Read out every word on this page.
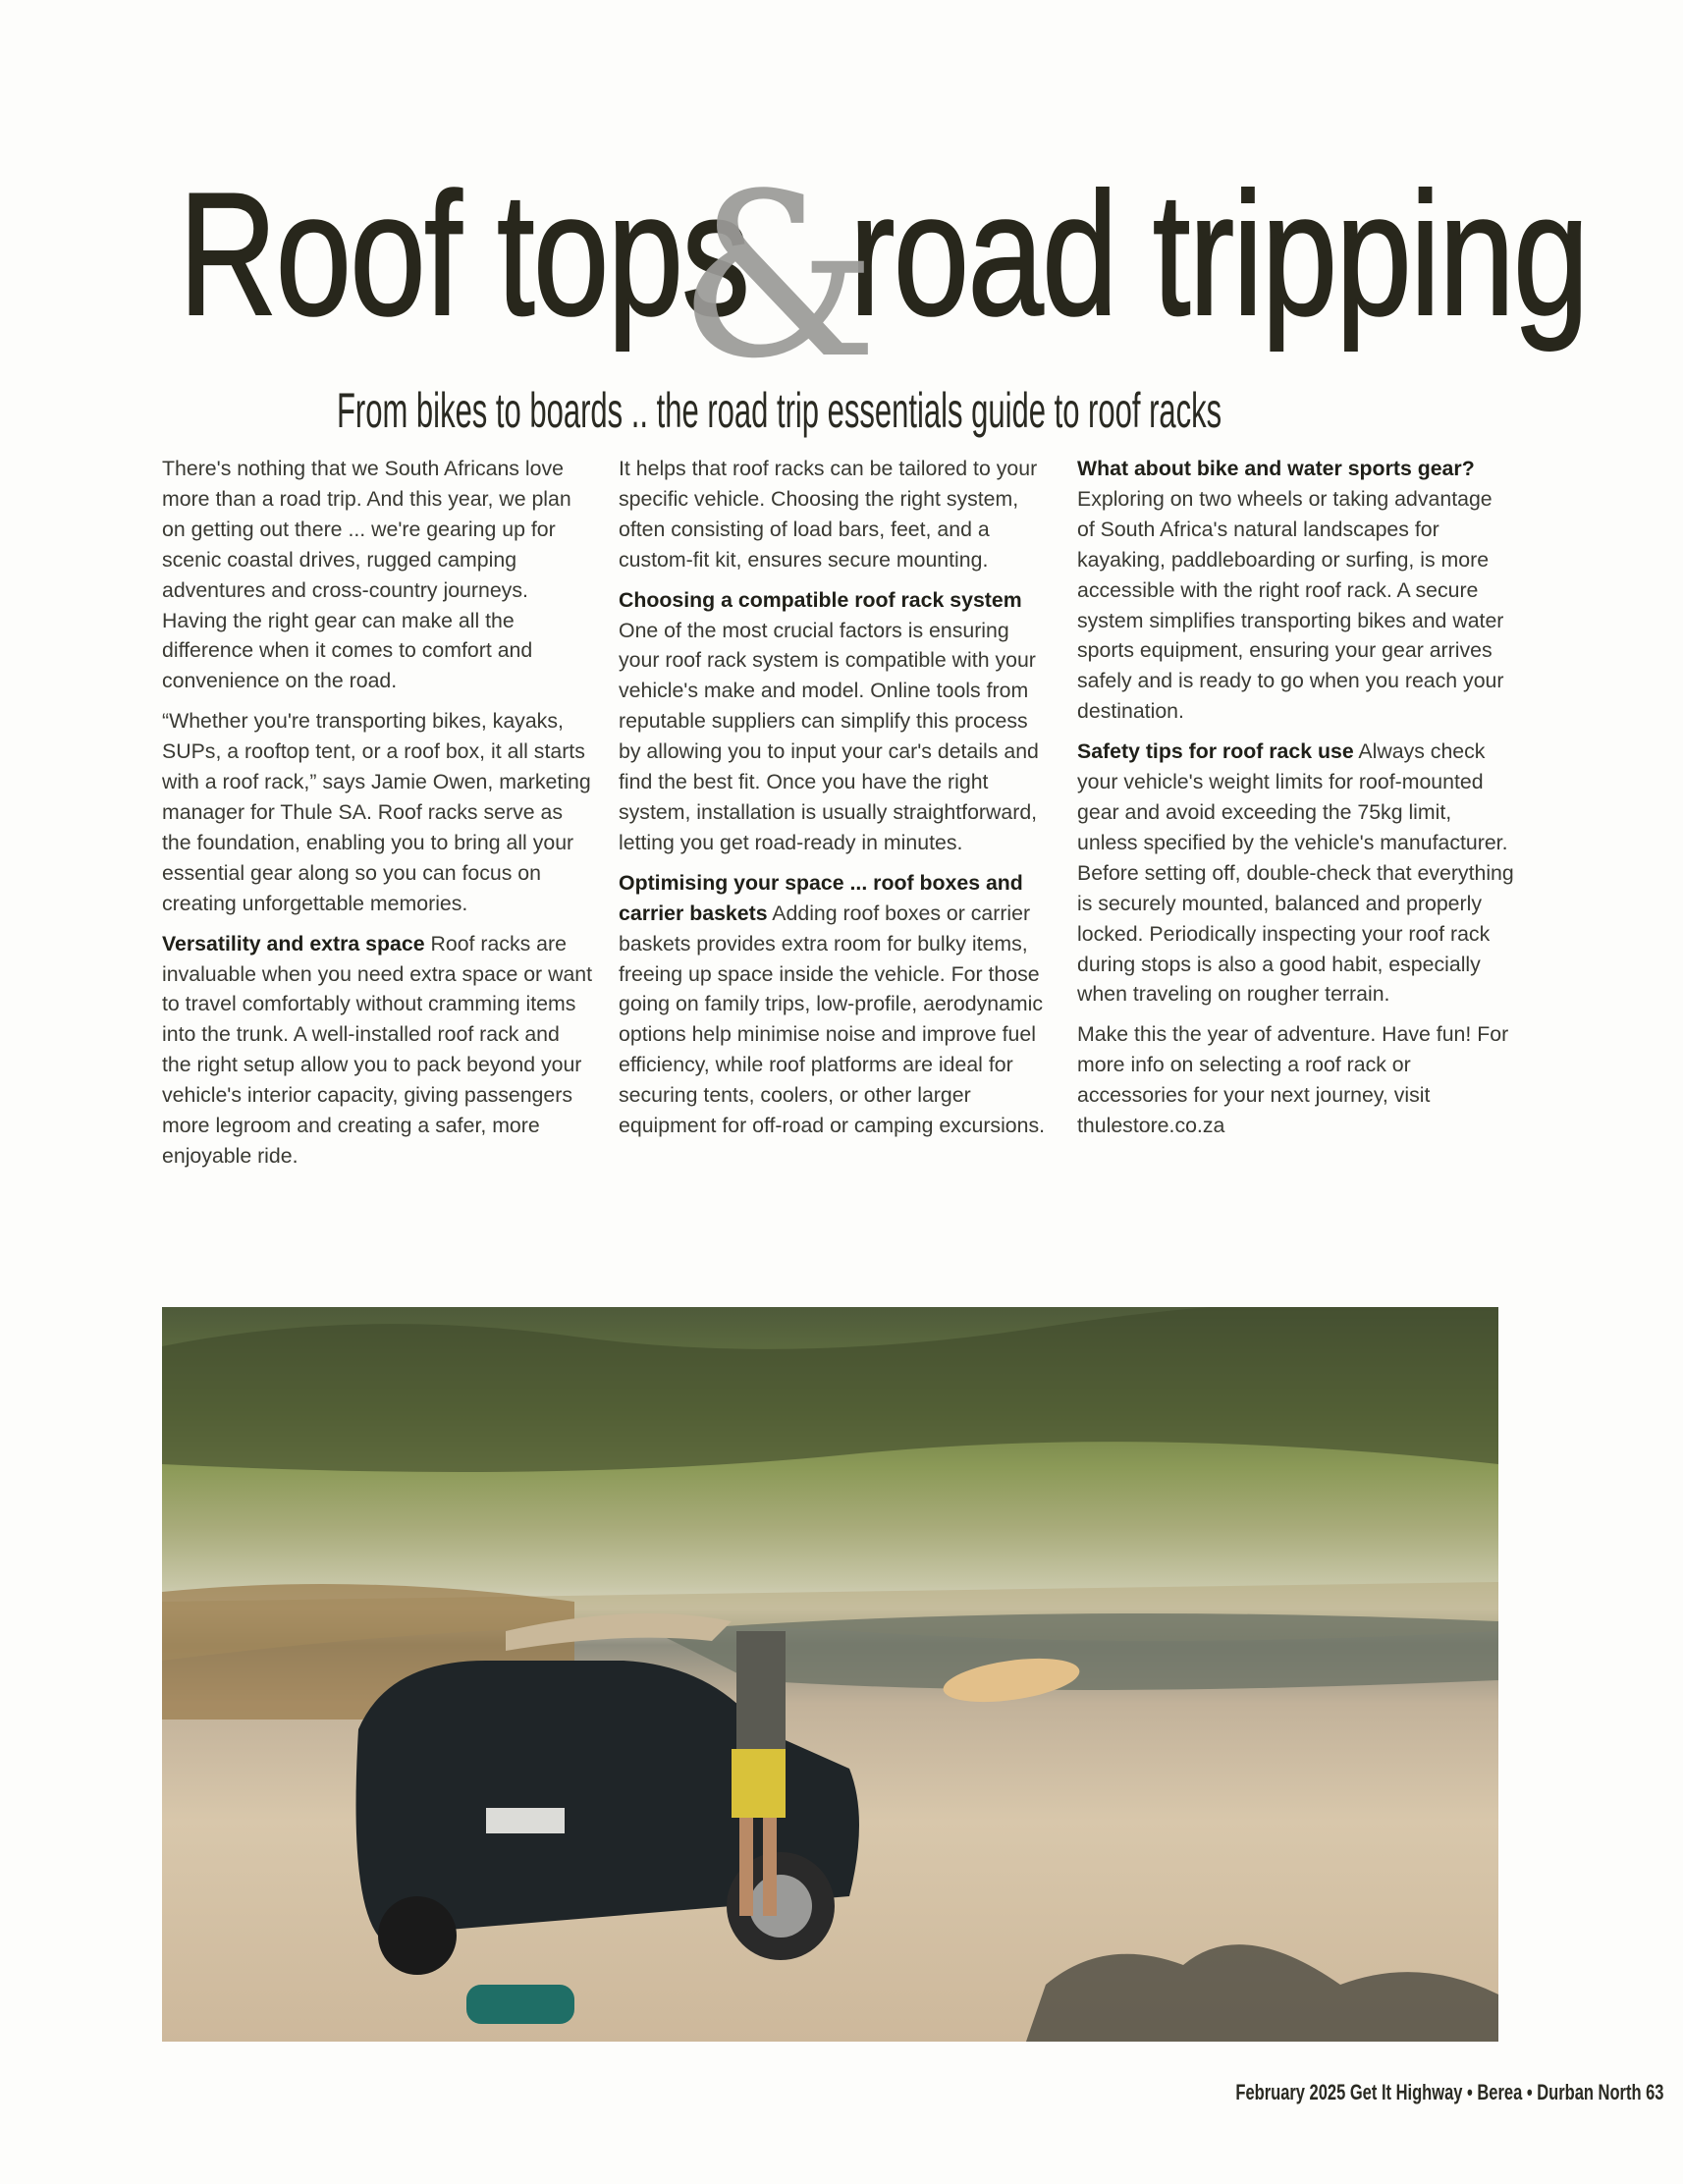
Roof tops road tripping
&
From bikes to boards .. the road trip essentials guide to roof racks

There's nothing that we South Africans love more than a road trip. And this year, we plan on getting out there ... we're gearing up for scenic coastal drives, rugged camping adventures and cross-country journeys. Having the right gear can make all the difference when it comes to comfort and convenience on the road.

“Whether you're transporting bikes, kayaks, SUPs, a rooftop tent, or a roof box, it all starts with a roof rack,” says Jamie Owen, marketing manager for Thule SA. Roof racks serve as the foundation, enabling you to bring all your essential gear along so you can focus on creating unforgettable memories.

Versatility and extra space Roof racks are invaluable when you need extra space or want to travel comfortably without cramming items into the trunk. A well-installed roof rack and the right setup allow you to pack beyond your vehicle's interior capacity, giving passengers more legroom and creating a safer, more enjoyable ride.

It helps that roof racks can be tailored to your specific vehicle. Choosing the right system, often consisting of load bars, feet, and a custom-fit kit, ensures secure mounting.

Choosing a compatible roof rack system One of the most crucial factors is ensuring your roof rack system is compatible with your vehicle's make and model. Online tools from reputable suppliers can simplify this process by allowing you to input your car's details and find the best fit. Once you have the right system, installation is usually straightforward, letting you get road-ready in minutes.

Optimising your space ... roof boxes and carrier baskets Adding roof boxes or carrier baskets provides extra room for bulky items, freeing up space inside the vehicle. For those going on family trips, low-profile, aerodynamic options help minimise noise and improve fuel efficiency, while roof platforms are ideal for securing tents, coolers, or other larger equipment for off-road or camping excursions.

What about bike and water sports gear? Exploring on two wheels or taking advantage of South Africa's natural landscapes for kayaking, paddleboarding or surfing, is more accessible with the right roof rack. A secure system simplifies transporting bikes and water sports equipment, ensuring your gear arrives safely and is ready to go when you reach your destination.

Safety tips for roof rack use Always check your vehicle's weight limits for roof-mounted gear and avoid exceeding the 75kg limit, unless specified by the vehicle's manufacturer. Before setting off, double-check that everything is securely mounted, balanced and properly locked. Periodically inspecting your roof rack during stops is also a good habit, especially when traveling on rougher terrain.

Make this the year of adventure. Have fun! For more info on selecting a roof rack or accessories for your next journey, visit thulestore.co.za

February 2025 Get It Highway • Berea • Durban North 63
